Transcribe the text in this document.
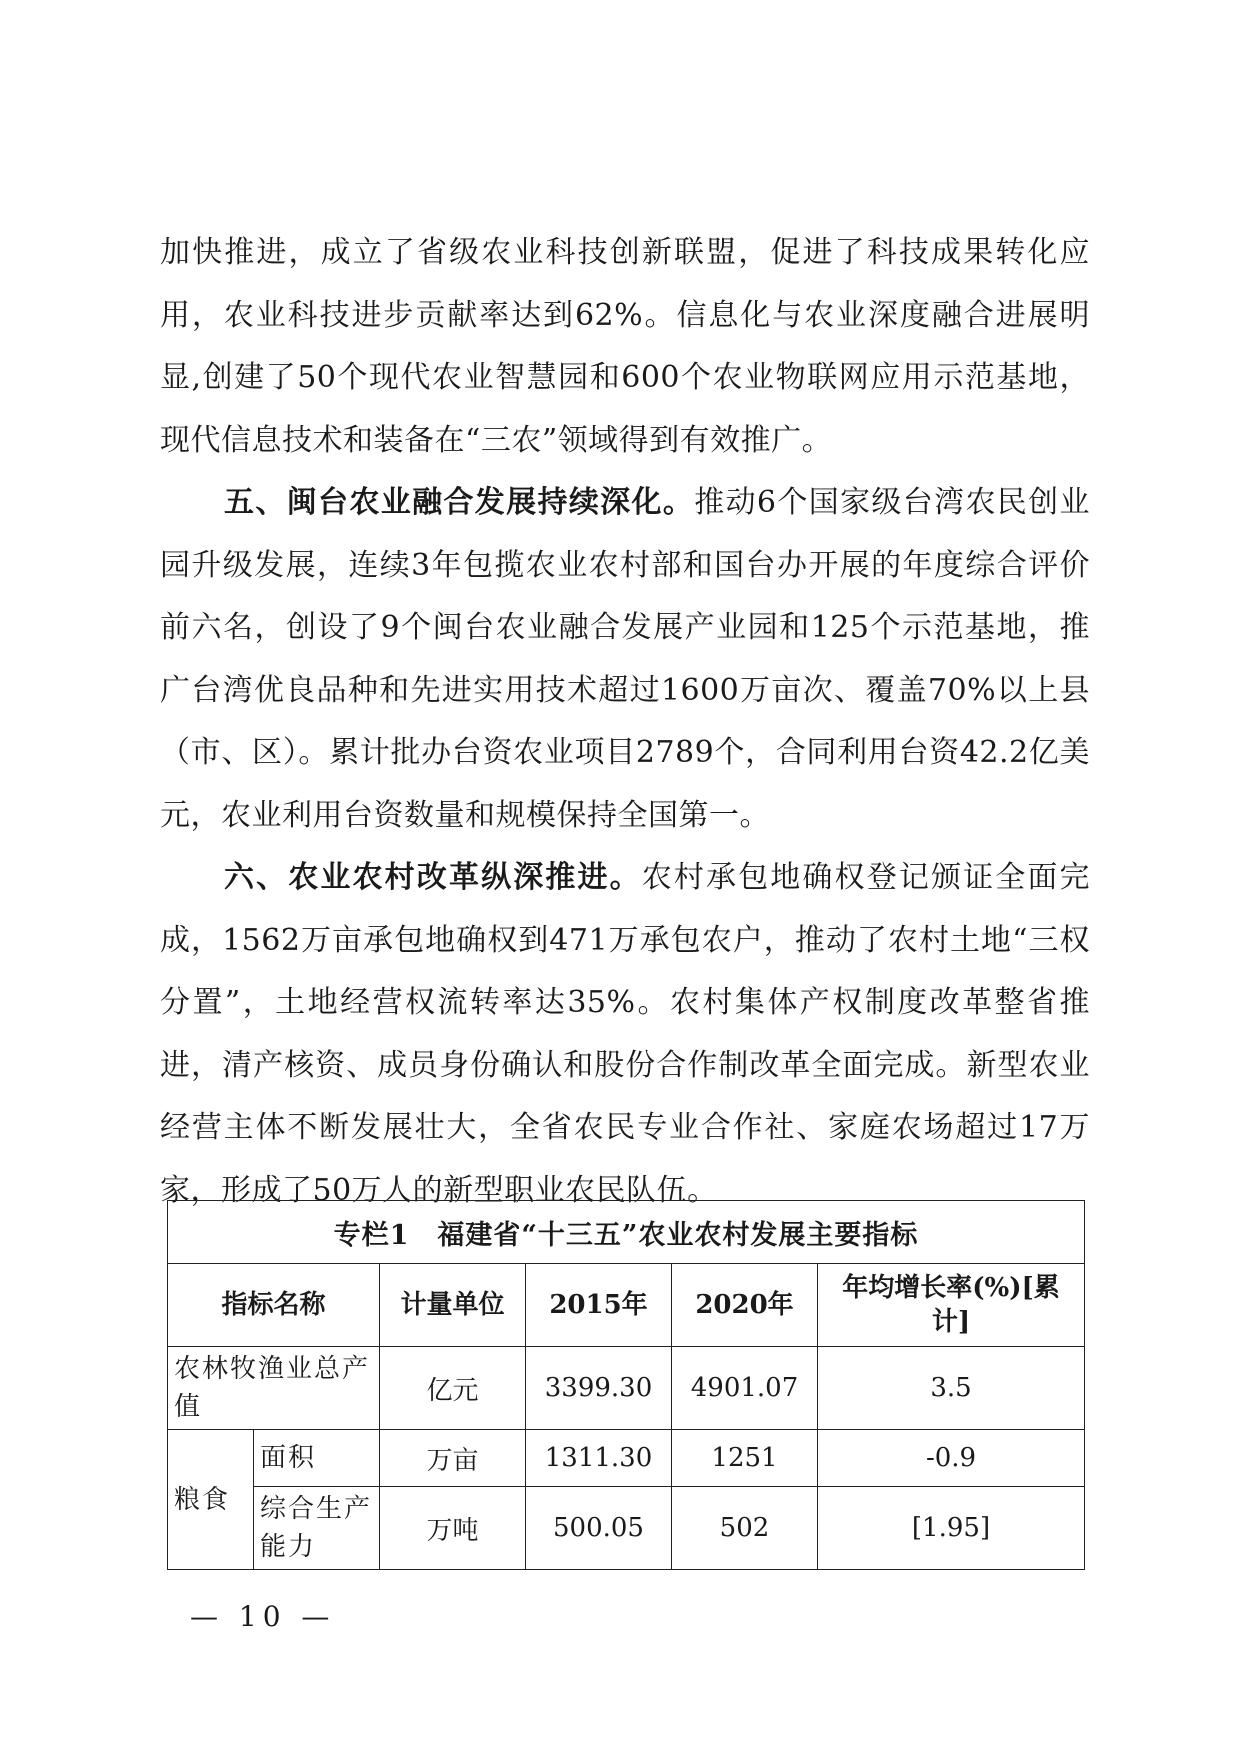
加快推进，成立了省级农业科技创新联盟，促进了科技成果转化应用，农业科技进步贡献率达到62%。信息化与农业深度融合进展明显,创建了50个现代农业智慧园和600个农业物联网应用示范基地，现代信息技术和装备在“三农”领域得到有效推广。

五、闽台农业融合发展持续深化。推动6个国家级台湾农民创业园升级发展，连续3年包揽农业农村部和国台办开展的年度综合评价前六名，创设了9个闽台农业融合发展产业园和125个示范基地，推广台湾优良品种和先进实用技术超过1600万亩次、覆盖70%以上县（市、区）。累计批办台资农业项目2789个，合同利用台资42.2亿美元，农业利用台资数量和规模保持全国第一。

六、农业农村改革纵深推进。农村承包地确权登记颁证全面完成，1562万亩承包地确权到471万承包农户，推动了农村土地“三权分置”，土地经营权流转率达35%。农村集体产权制度改革整省推进，清产核资、成员身份确认和股份合作制改革全面完成。新型农业经营主体不断发展壮大，全省农民专业合作社、家庭农场超过17万家，形成了50万人的新型职业农民队伍。

专栏1　福建省“十三五”农业农村发展主要指标					
指标名称		计量单位	2015年	2020年	年均增长率(%)[累计]
农林牧渔业总产值		亿元	3399.30	4901.07	3.5
粮食	面积	万亩	1311.30	1251	-0.9
	综合生产能力	万吨	500.05	502	[1.95]
— 10 —
